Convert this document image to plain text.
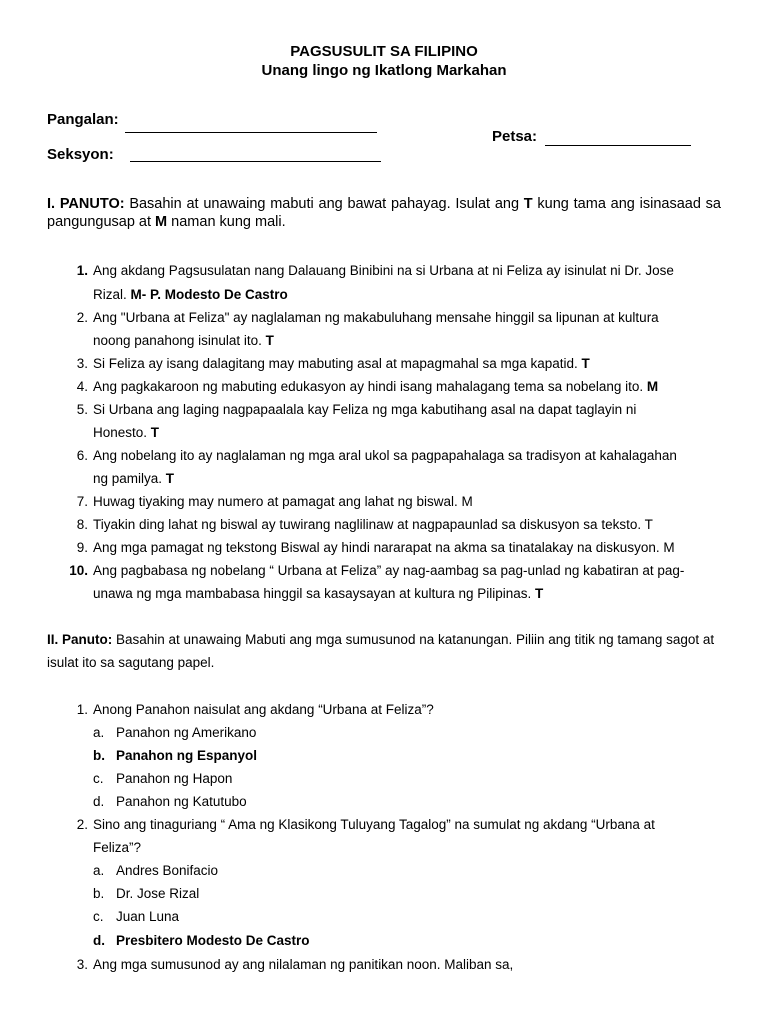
PAGSUSULIT SA FILIPINO
Unang lingo ng Ikatlong Markahan
Pangalan:
Petsa:
Seksyon:
I. PANUTO: Basahin at unawaing mabuti ang bawat pahayag. Isulat ang T kung tama ang isinasaad sa pangungusap at M naman kung mali.
1. Ang akdang Pagsusulatan nang Dalauang Binibini na si Urbana at ni Feliza ay isinulat ni Dr. Jose
Rizal. M- P. Modesto De Castro
2. Ang "Urbana at Feliza" ay naglalaman ng makabuluhang mensahe hinggil sa lipunan at kultura
noong panahong isinulat ito. T
3. Si Feliza ay isang dalagitang may mabuting asal at mapagmahal sa mga kapatid. T
4. Ang pagkakaroon ng mabuting edukasyon ay hindi isang mahalagang tema sa nobelang ito. M
5. Si Urbana ang laging nagpapaalala kay Feliza ng mga kabutihang asal na dapat taglayin ni
Honesto. T
6. Ang nobelang ito ay naglalaman ng mga aral ukol sa pagpapahalaga sa tradisyon at kahalagahan
ng pamilya. T
7. Huwag tiyaking may numero at pamagat ang lahat ng biswal. M
8. Tiyakin ding lahat ng biswal ay tuwirang naglilinaw at nagpapaunlad sa diskusyon sa teksto. T
9. Ang mga pamagat ng tekstong Biswal ay hindi nararapat na akma sa tinatalakay na diskusyon. M
10. Ang pagbabasa ng nobelang “ Urbana at Feliza” ay nag-aambag sa pag-unlad ng kabatiran at pag-
unawa ng mga mambabasa hinggil sa kasaysayan at kultura ng Pilipinas. T
II. Panuto: Basahin at unawaing Mabuti ang mga sumusunod na katanungan. Piliin ang titik ng tamang sagot at isulat ito sa sagutang papel.
1. Anong Panahon naisulat ang akdang “Urbana at Feliza”?
a. Panahon ng Amerikano
b. Panahon ng Espanyol
c. Panahon ng Hapon
d. Panahon ng Katutubo
2. Sino ang tinaguriang “ Ama ng Klasikong Tuluyang Tagalog” na sumulat ng akdang “Urbana at
Feliza”?
a. Andres Bonifacio
b. Dr. Jose Rizal
c. Juan Luna
d. Presbitero Modesto De Castro
3. Ang mga sumusunod ay ang nilalaman ng panitikan noon. Maliban sa,
